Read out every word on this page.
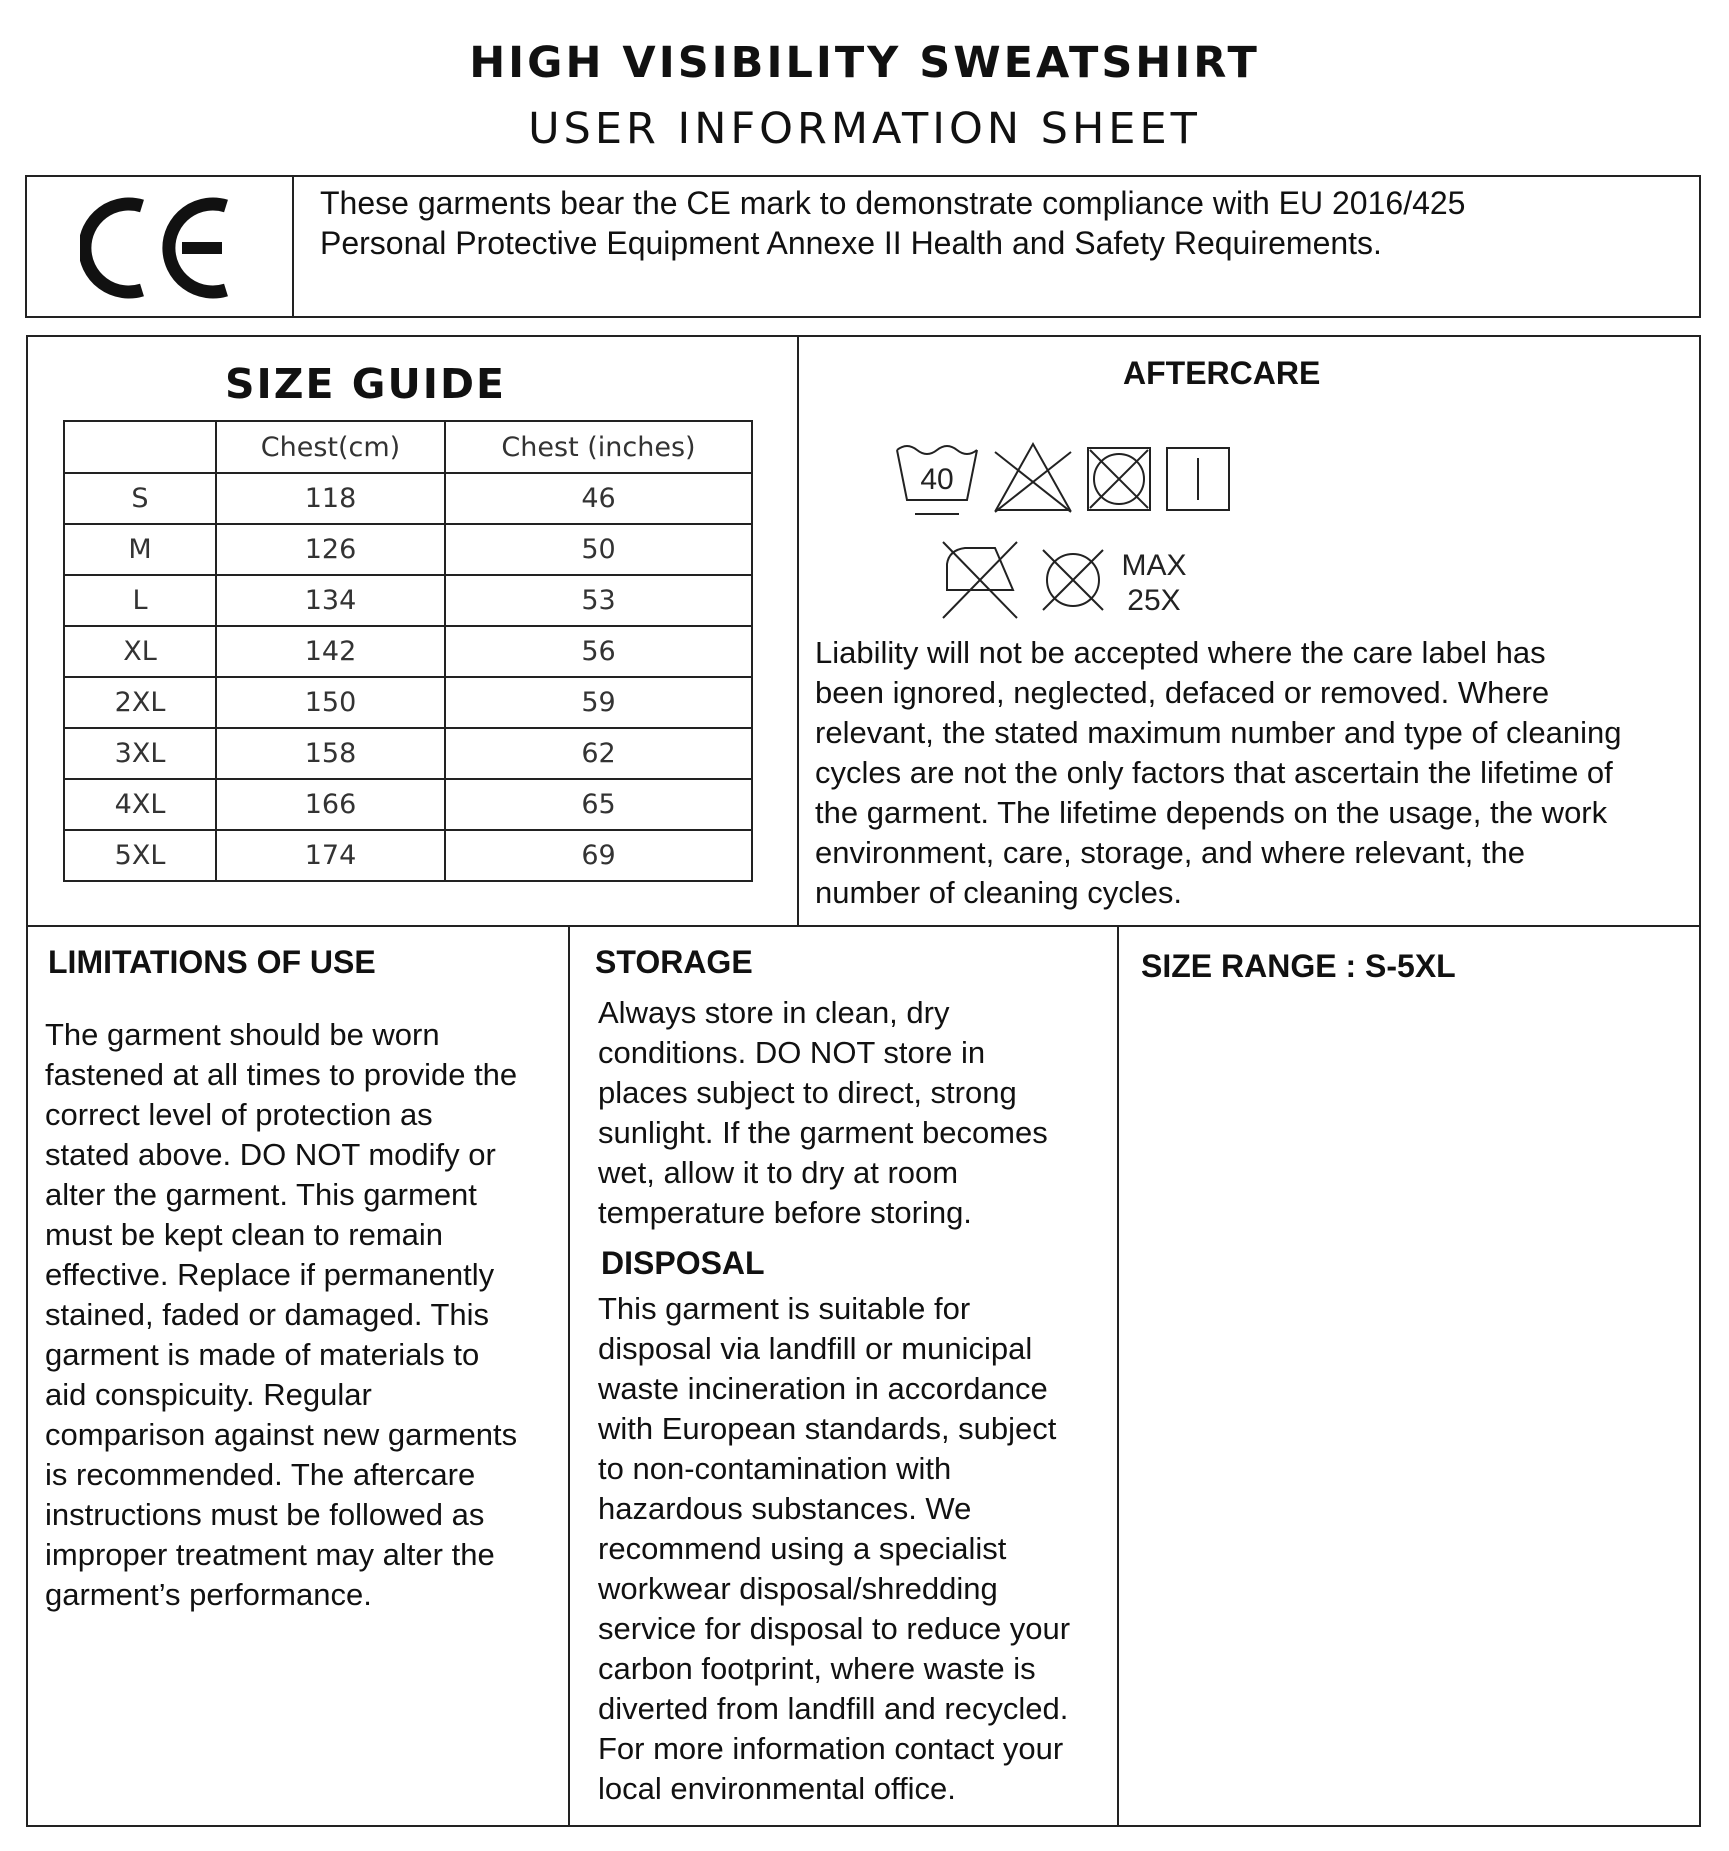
HIGH VISIBILITY SWEATSHIRT
USER INFORMATION SHEET
These garments bear the CE mark to demonstrate compliance with EU 2016/425
Personal Protective Equipment Annexe II Health and Safety Requirements.
SIZE GUIDE
	Chest(cm)	Chest (inches)
S	118	46
M	126	50
L	134	53
XL	142	56
2XL	150	59
3XL	158	62
4XL	166	65
5XL	174	69
AFTERCARE
40
MAX
25X
Liability will not be accepted where the care label has
been ignored, neglected, defaced or removed. Where
relevant, the stated maximum number and type of cleaning
cycles are not the only factors that ascertain the lifetime of
the garment. The lifetime depends on the usage, the work
environment, care, storage, and where relevant, the
number of cleaning cycles.
LIMITATIONS OF USE
The garment should be worn
fastened at all times to provide the
correct level of protection as
stated above. DO NOT modify or
alter the garment. This garment
must be kept clean to remain
effective. Replace if permanently
stained, faded or damaged. This
garment is made of materials to
aid conspicuity. Regular
comparison against new garments
is recommended. The aftercare
instructions must be followed as
improper treatment may alter the
garment’s performance.
STORAGE
Always store in clean, dry
conditions. DO NOT store in
places subject to direct, strong
sunlight. If the garment becomes
wet, allow it to dry at room
temperature before storing.
DISPOSAL
This garment is suitable for
disposal via landfill or municipal
waste incineration in accordance
with European standards, subject
to non-contamination with
hazardous substances. We
recommend using a specialist
workwear disposal/shredding
service for disposal to reduce your
carbon footprint, where waste is
diverted from landfill and recycled.
For more information contact your
local environmental office.
SIZE RANGE : S-5XL
